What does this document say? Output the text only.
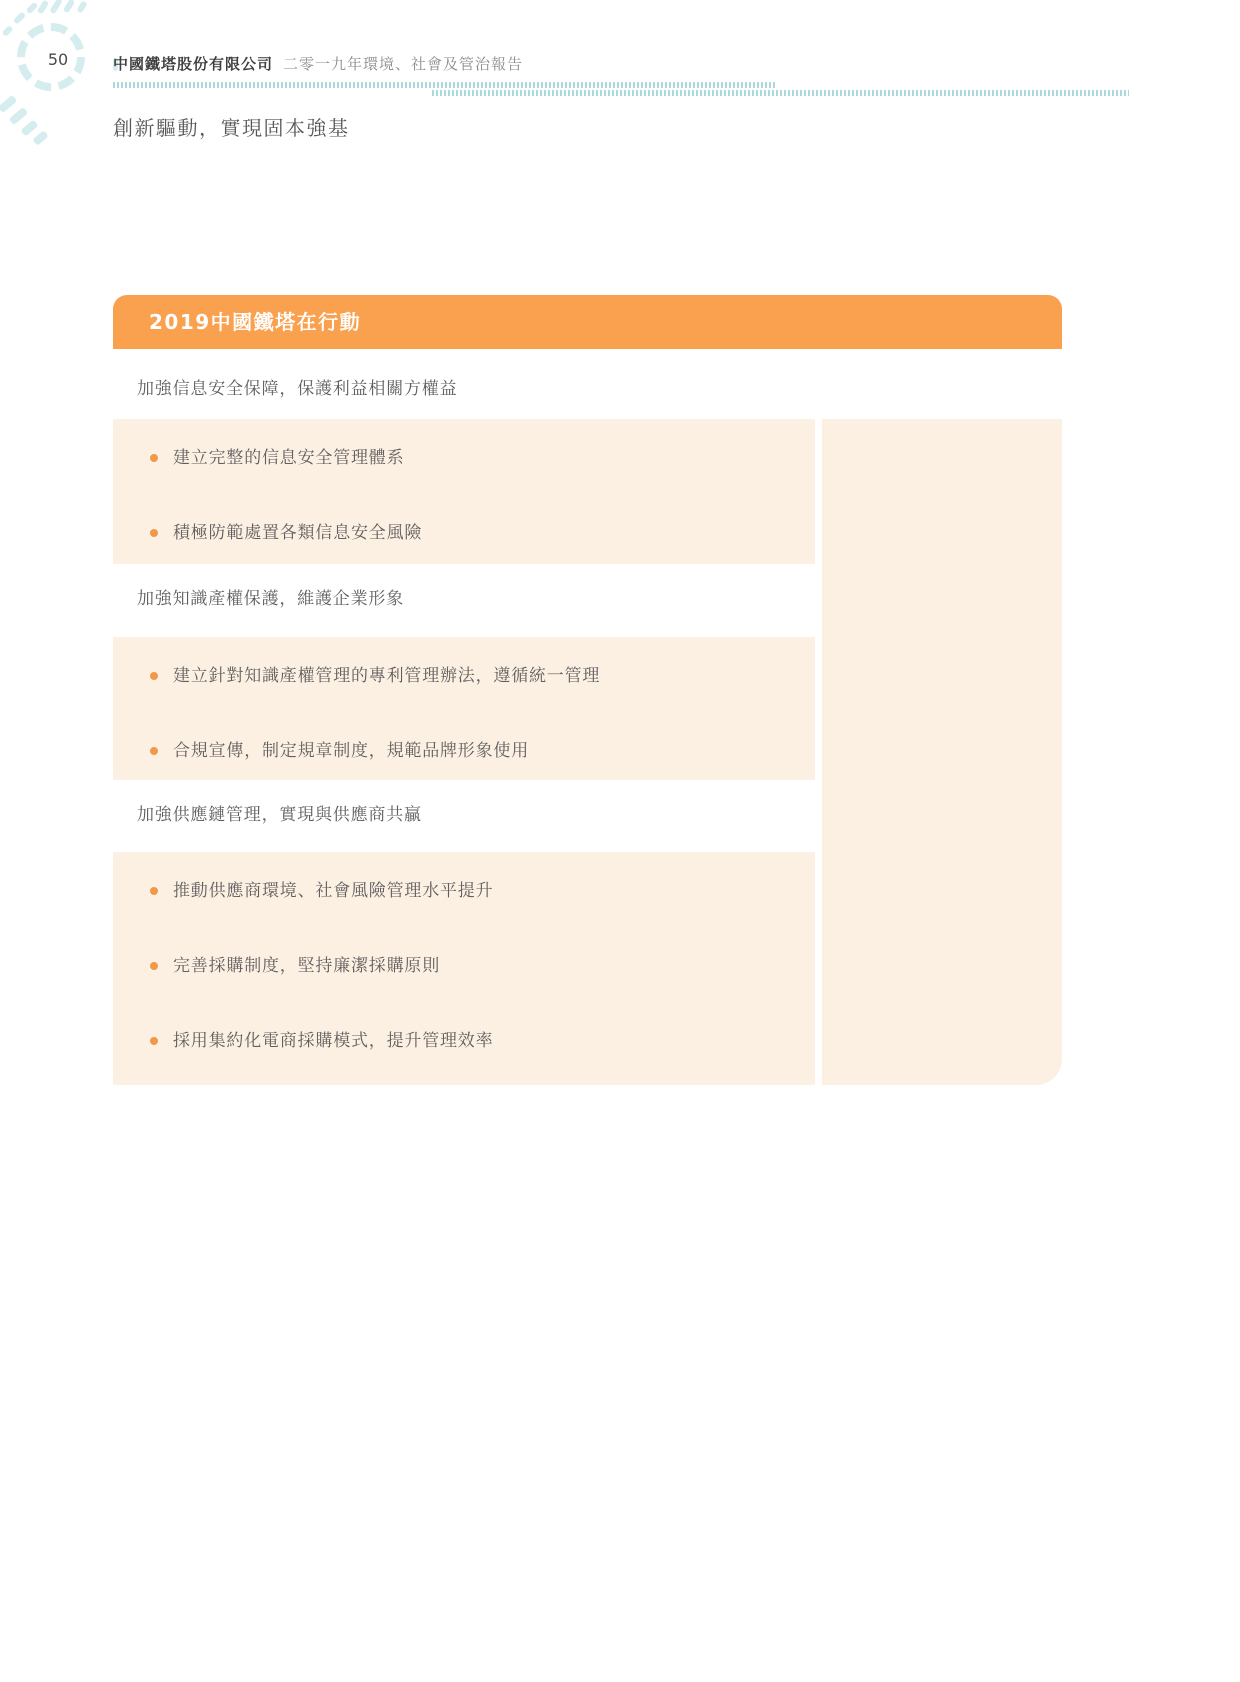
50	中國鐵塔股份有限公司 二零一九年環境、社會及管治報告
創新驅動，實現固本強基
2019中國鐵塔在行動
加強信息安全保障，保護利益相關方權益
建立完整的信息安全管理體系
積極防範處置各類信息安全風險
加強知識產權保護，維護企業形象
建立針對知識產權管理的專利管理辦法，遵循統一管理
合規宣傳，制定規章制度，規範品牌形象使用
加強供應鏈管理，實現與供應商共贏
推動供應商環境、社會風險管理水平提升
完善採購制度，堅持廉潔採購原則
採用集約化電商採購模式，提升管理效率
